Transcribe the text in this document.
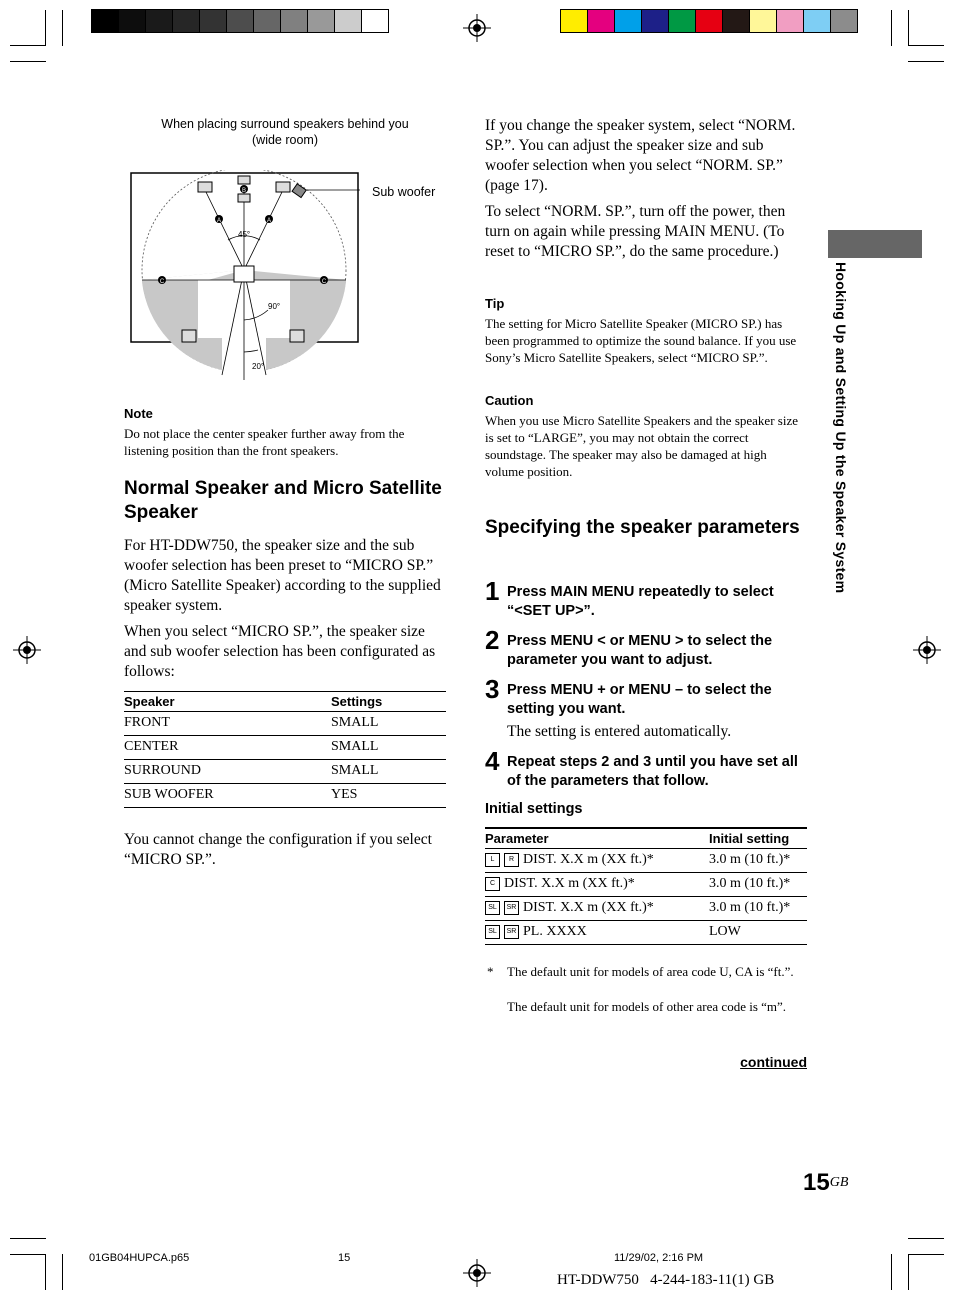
When placing surround speakers behind you
(wide room)
A	A
B
C	C
45°
90°
20°
Sub woofer
Note
Do not place the center speaker further away from the listening position than the front speakers.
Normal Speaker and Micro Satellite Speaker
For HT-DDW750, the speaker size and the sub woofer selection has been preset to “MICRO SP.” (Micro Satellite Speaker) according to the supplied speaker system.
When you select “MICRO SP.”, the speaker size and sub woofer selection has been configurated as follows:
Speaker	Settings
FRONT	SMALL
CENTER	SMALL
SURROUND	SMALL
SUB WOOFER	YES
You cannot change the configuration if you select “MICRO SP.”.
If you change the speaker system, select “NORM. SP.”. You can adjust the speaker size and sub woofer selection when you select “NORM. SP.” (page 17).
To select “NORM. SP.”, turn off the power, then turn on again while pressing MAIN MENU. (To reset to “MICRO SP.”, do the same procedure.)
Tip
The setting for Micro Satellite Speaker (MICRO SP.) has been programmed to optimize the sound balance. If you use Sony’s Micro Satellite Speakers, select “MICRO SP.”.
Caution
When you use Micro Satellite Speakers and the speaker size is set to “LARGE”, you may not obtain the correct soundstage. The speaker may also be damaged at high volume position.
Specifying the speaker parameters
1 Press MAIN MENU repeatedly to select “<SET UP>”.
2 Press MENU < or MENU > to select the parameter you want to adjust.
3 Press MENU + or MENU – to select the setting you want.
The setting is entered automatically.
4 Repeat steps 2 and 3 until you have set all of the parameters that follow.
Initial settings
Parameter	Initial setting
L R DIST. X.X m (XX ft.)*	3.0 m (10 ft.)*
C DIST. X.X m (XX ft.)*	3.0 m (10 ft.)*
SL SR DIST. X.X m (XX ft.)*	3.0 m (10 ft.)*
SL SR PL. XXXX	LOW
* The default unit for models of area code U, CA is “ft.”.
The default unit for models of other area code is “m”.
continued
Hooking Up and Setting Up the Speaker System
$15^{GB}$
01GB04HUPCA.p65	15	11/29/02, 2:16 PM
HT-DDW750   4-244-183-11(1) GB
